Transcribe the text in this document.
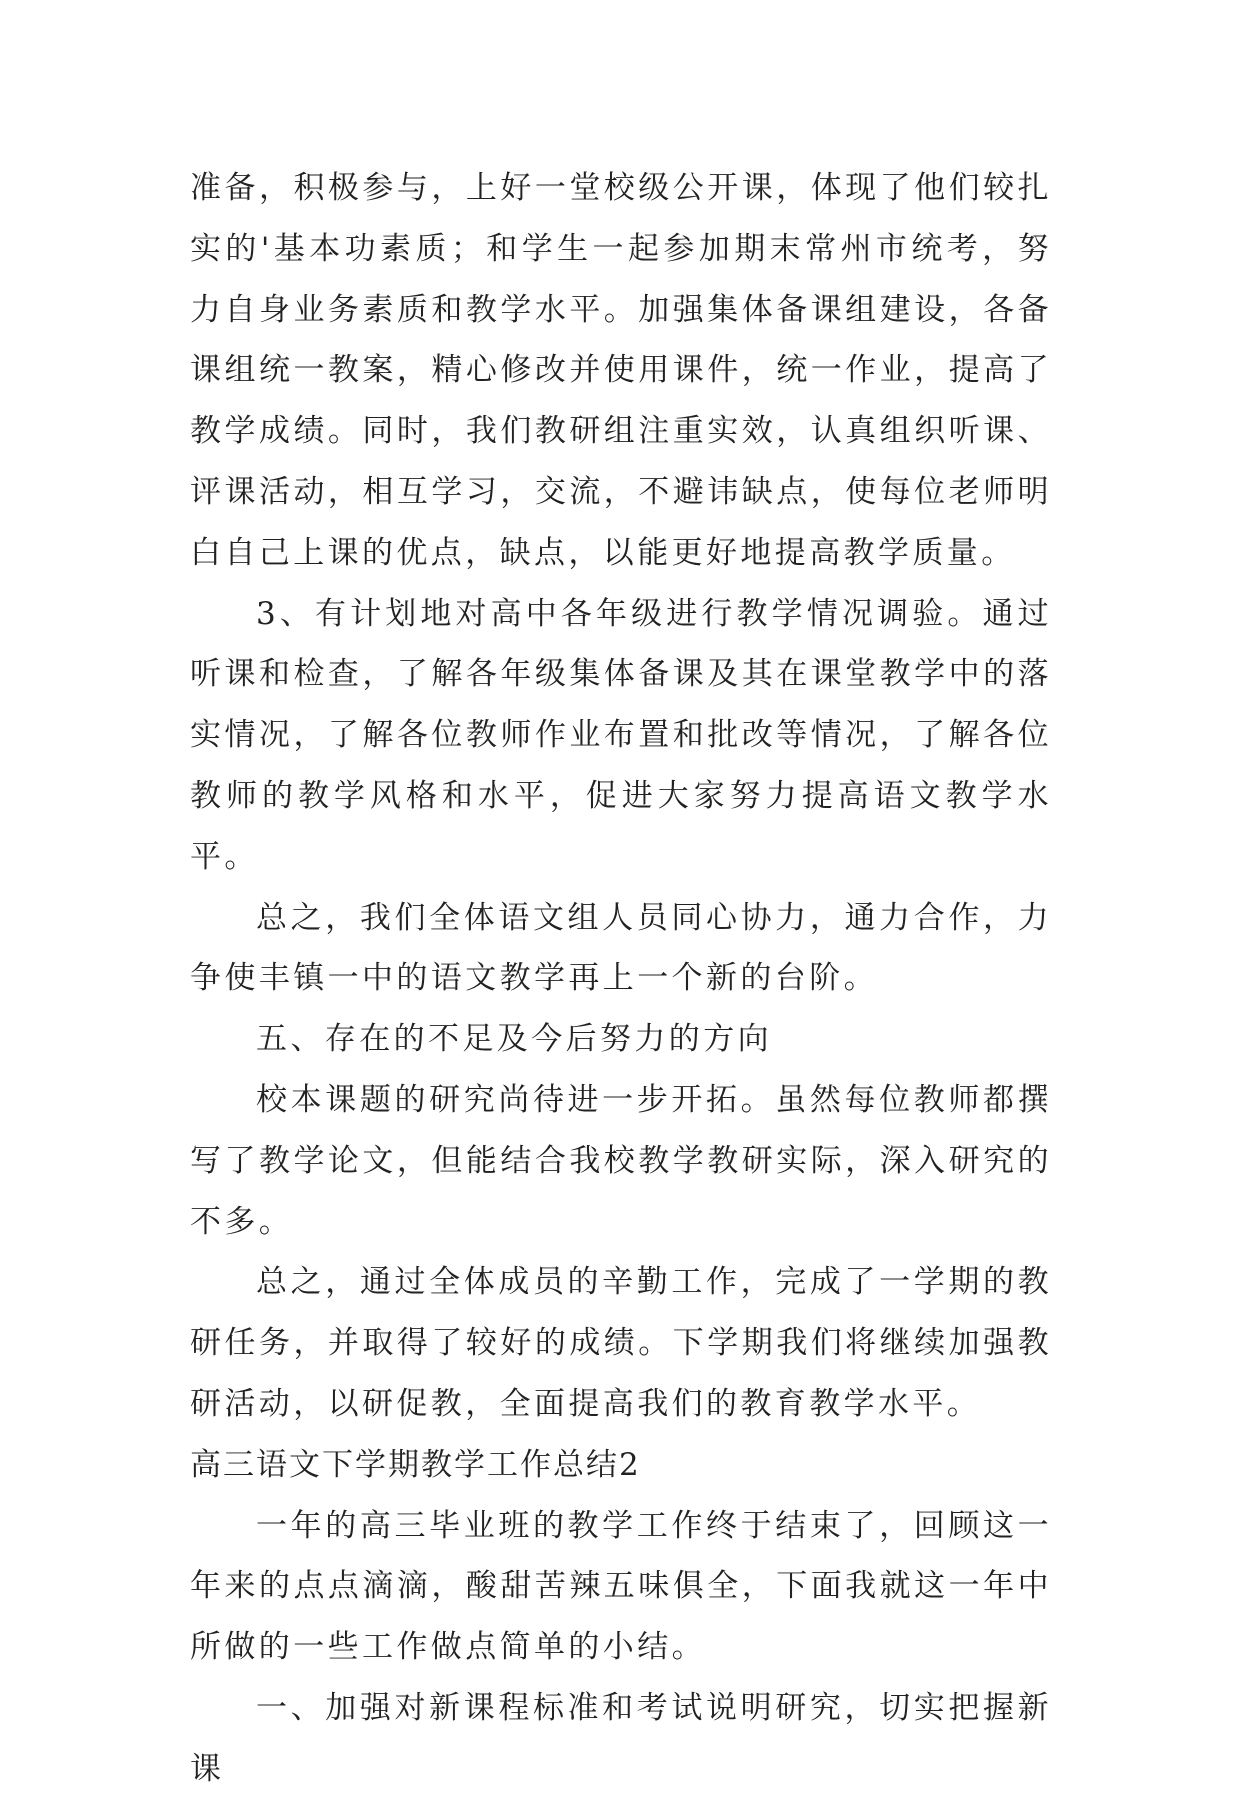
准备，积极参与，上好一堂校级公开课，体现了他们较扎实的'基本功素质；和学生一起参加期末常州市统考，努力自身业务素质和教学水平。加强集体备课组建设，各备课组统一教案，精心修改并使用课件，统一作业，提高了教学成绩。同时，我们教研组注重实效，认真组织听课、评课活动，相互学习，交流，不避讳缺点，使每位老师明白自己上课的优点，缺点，以能更好地提高教学质量。

3、有计划地对高中各年级进行教学情况调验。通过听课和检查，了解各年级集体备课及其在课堂教学中的落实情况，了解各位教师作业布置和批改等情况，了解各位教师的教学风格和水平，促进大家努力提高语文教学水平。

总之，我们全体语文组人员同心协力，通力合作，力争使丰镇一中的语文教学再上一个新的台阶。

五、存在的不足及今后努力的方向

校本课题的研究尚待进一步开拓。虽然每位教师都撰写了教学论文，但能结合我校教学教研实际，深入研究的不多。

总之，通过全体成员的辛勤工作，完成了一学期的教研任务，并取得了较好的成绩。下学期我们将继续加强教研活动，以研促教，全面提高我们的教育教学水平。

高三语文下学期教学工作总结2

一年的高三毕业班的教学工作终于结束了，回顾这一年来的点点滴滴，酸甜苦辣五味俱全，下面我就这一年中所做的一些工作做点简单的小结。

一、加强对新课程标准和考试说明研究，切实把握新课
